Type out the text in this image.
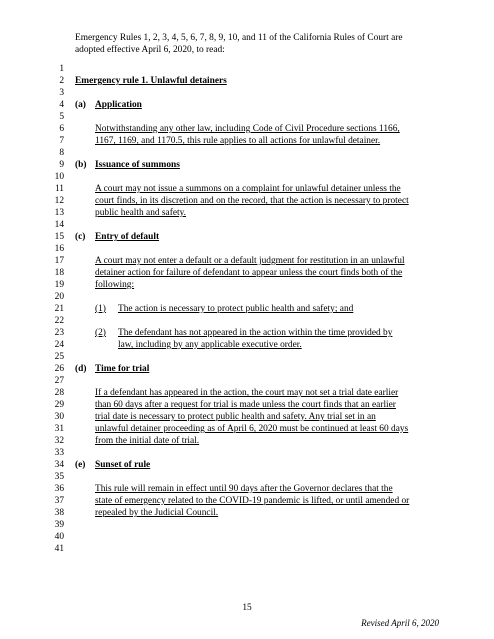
Emergency Rules 1, 2, 3, 4, 5, 6, 7, 8, 9, 10, and 11 of the California Rules of Court are
adopted effective April 6, 2020, to read:
1
2
3
4
5
6
7
8
9
10
11
12
13
14
15
16
17
18
19
20
21
22
23
24
25
26
27
28
29
30
31
32
33
34
35
36
37
38
39
40
41
Emergency rule 1. Unlawful detainers
(a) Application
Notwithstanding any other law, including Code of Civil Procedure sections 1166,
1167, 1169, and 1170.5, this rule applies to all actions for unlawful detainer.
(b) Issuance of summons
A court may not issue a summons on a complaint for unlawful detainer unless the
court finds, in its discretion and on the record, that the action is necessary to protect
public health and safety.
(c) Entry of default
A court may not enter a default or a default judgment for restitution in an unlawful
detainer action for failure of defendant to appear unless the court finds both of the
following:
(1) The action is necessary to protect public health and safety; and
(2) The defendant has not appeared in the action within the time provided by
law, including by any applicable executive order.
(d) Time for trial
If a defendant has appeared in the action, the court may not set a trial date earlier
than 60 days after a request for trial is made unless the court finds that an earlier
trial date is necessary to protect public health and safety. Any trial set in an
unlawful detainer proceeding as of April 6, 2020 must be continued at least 60 days
from the initial date of trial.
(e) Sunset of rule
This rule will remain in effect until 90 days after the Governor declares that the
state of emergency related to the COVID-19 pandemic is lifted, or until amended or
repealed by the Judicial Council.
15
Revised April 6, 2020
